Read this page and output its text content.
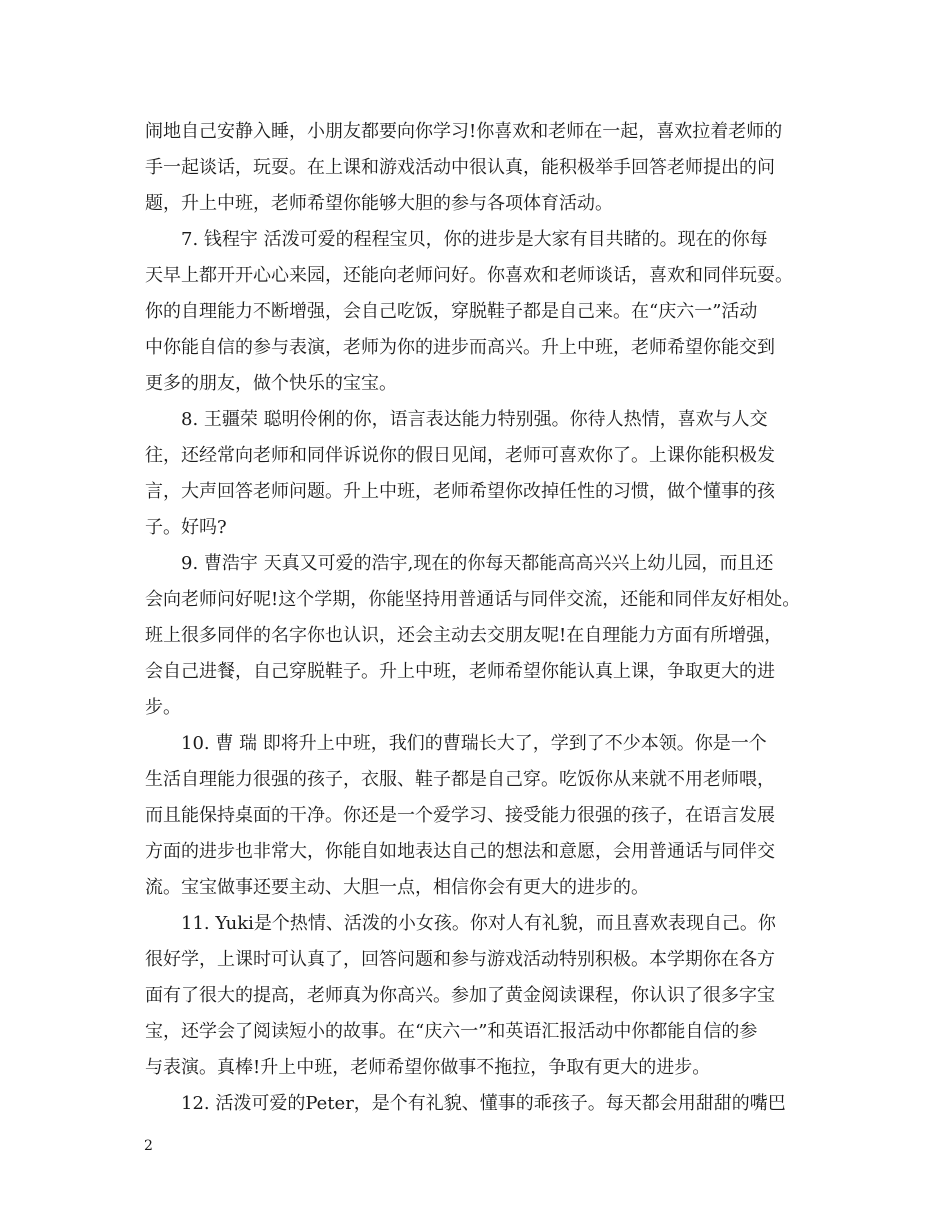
闹地自己安静入睡，小朋友都要向你学习!你喜欢和老师在一起，喜欢拉着老师的
手一起谈话，玩耍。在上课和游戏活动中很认真，能积极举手回答老师提出的问
题，升上中班，老师希望你能够大胆的参与各项体育活动。
7. 钱程宇 活泼可爱的程程宝贝，你的进步是大家有目共睹的。现在的你每
天早上都开开心心来园，还能向老师问好。你喜欢和老师谈话，喜欢和同伴玩耍。
你的自理能力不断增强，会自己吃饭，穿脱鞋子都是自己来。在“庆六一”活动
中你能自信的参与表演，老师为你的进步而高兴。升上中班，老师希望你能交到
更多的朋友，做个快乐的宝宝。
8. 王疆荣 聪明伶俐的你，语言表达能力特别强。你待人热情，喜欢与人交
往，还经常向老师和同伴诉说你的假日见闻，老师可喜欢你了。上课你能积极发
言，大声回答老师问题。升上中班，老师希望你改掉任性的习惯，做个懂事的孩
子。好吗?
9. 曹浩宇 天真又可爱的浩宇,现在的你每天都能高高兴兴上幼儿园，而且还
会向老师问好呢!这个学期，你能坚持用普通话与同伴交流，还能和同伴友好相处。
班上很多同伴的名字你也认识，还会主动去交朋友呢!在自理能力方面有所增强，
会自己进餐，自己穿脱鞋子。升上中班，老师希望你能认真上课，争取更大的进
步。
10. 曹 瑞 即将升上中班，我们的曹瑞长大了，学到了不少本领。你是一个
生活自理能力很强的孩子，衣服、鞋子都是自己穿。吃饭你从来就不用老师喂，
而且能保持桌面的干净。你还是一个爱学习、接受能力很强的孩子，在语言发展
方面的进步也非常大，你能自如地表达自己的想法和意愿，会用普通话与同伴交
流。宝宝做事还要主动、大胆一点，相信你会有更大的进步的。
11. Yuki是个热情、活泼的小女孩。你对人有礼貌，而且喜欢表现自己。你
很好学，上课时可认真了，回答问题和参与游戏活动特别积极。本学期你在各方
面有了很大的提高，老师真为你高兴。参加了黄金阅读课程，你认识了很多字宝
宝，还学会了阅读短小的故事。在“庆六一”和英语汇报活动中你都能自信的参
与表演。真棒!升上中班，老师希望你做事不拖拉，争取有更大的进步。
12. 活泼可爱的Peter，是个有礼貌、懂事的乖孩子。每天都会用甜甜的嘴巴
2
